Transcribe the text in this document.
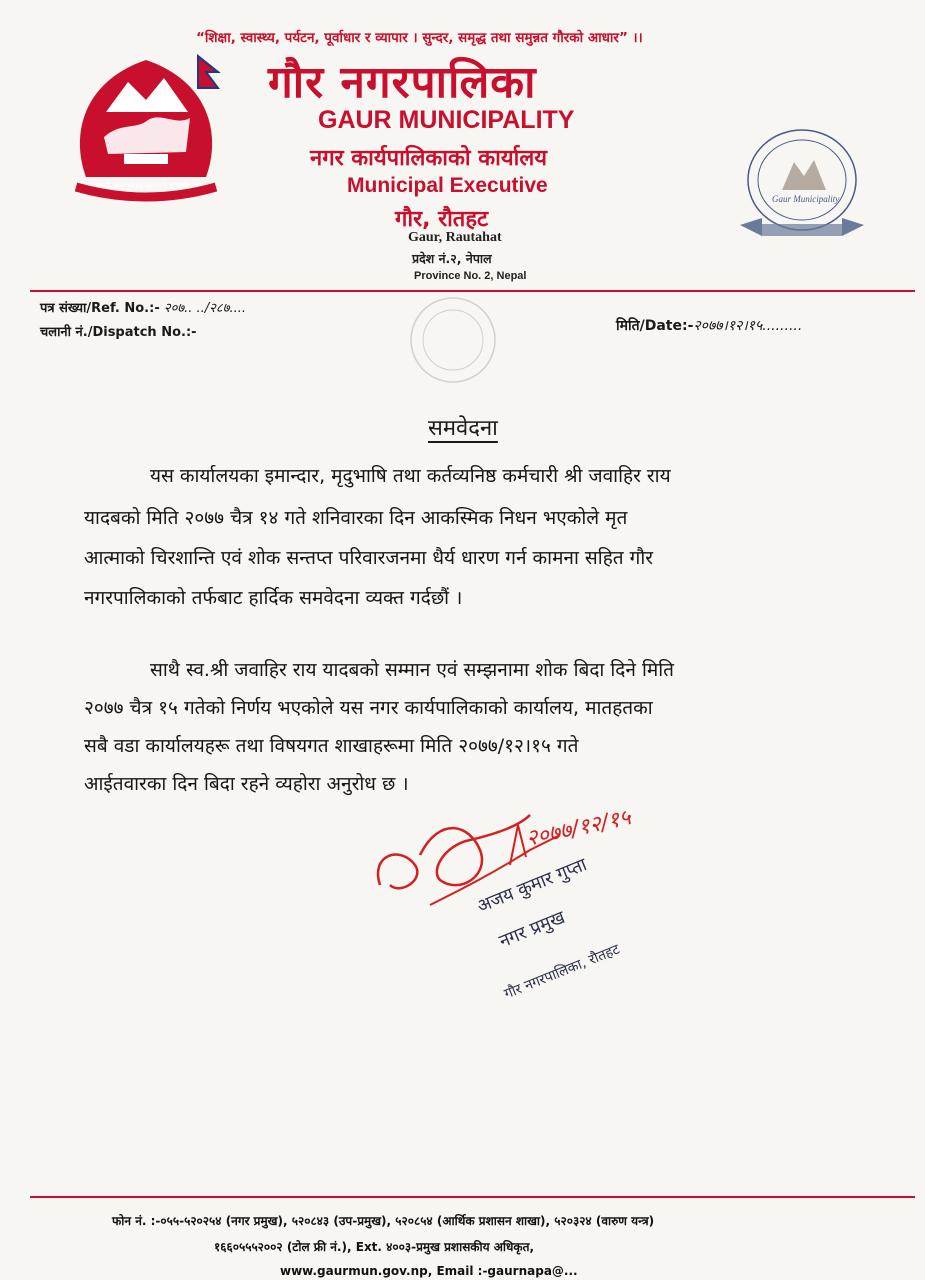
“शिक्षा, स्वास्थ्य, पर्यटन, पूर्वाधार र व्यापार । सुन्दर, समृद्ध तथा समुन्नत गौरको आधार” ।।
जननी जन्मभूमिश्च स्वर्गादपि गरीयसी
गौर नगरपालिका
GAUR MUNICIPALITY
नगर कार्यपालिकाको कार्यालय
Municipal Executive
गौर, रौतहट
Gaur, Rautahat
प्रदेश नं.२, नेपाल
Province No. 2, Nepal
Gaur Municipality
पत्र संख्या/Ref. No.:- २०७.. ../२८७....
चलानी नं./Dispatch No.:-	मिति/Date:-२०७७।१२।१५.........
समवेदना
यस कार्यालयका इमान्दार, मृदुभाषि तथा कर्तव्यनिष्ठ कर्मचारी श्री जवाहिर राय
यादबको मिति २०७७ चैत्र १४ गते शनिवारका दिन आकस्मिक निधन भएकोले मृत
आत्माको चिरशान्ति एवं शोक सन्तप्त परिवारजनमा धैर्य धारण गर्न कामना सहित गौर
नगरपालिकाको तर्फबाट हार्दिक समवेदना व्यक्त गर्दछौं ।
साथै स्व.श्री जवाहिर राय यादबको सम्मान एवं सम्झनामा शोक बिदा दिने मिति
२०७७ चैत्र १५ गतेको निर्णय भएकोले यस नगर कार्यपालिकाको कार्यालय, मातहतका
सबै वडा कार्यालयहरू तथा विषयगत शाखाहरूमा मिति २०७७/१२।१५ गते
आईतवारका दिन बिदा रहने व्यहोरा अनुरोध छ ।
२०७७/१२/१५
अजय कुमार गुप्ता
नगर प्रमुख
गौर नगरपालिका, रौतहट
फोन नं. :-०५५-५२०२५४ (नगर प्रमुख), ५२०८४३ (उप-प्रमुख), ५२०८५४ (आर्थिक प्रशासन शाखा), ५२०३२४ (वारुण यन्त्र)
१६६०५५५२००२ (टोल फ्री नं.), Ext. ४००३-प्रमुख प्रशासकीय अधिकृत,
www.gaurmun.gov.np, Email :-gaurnapa@...
